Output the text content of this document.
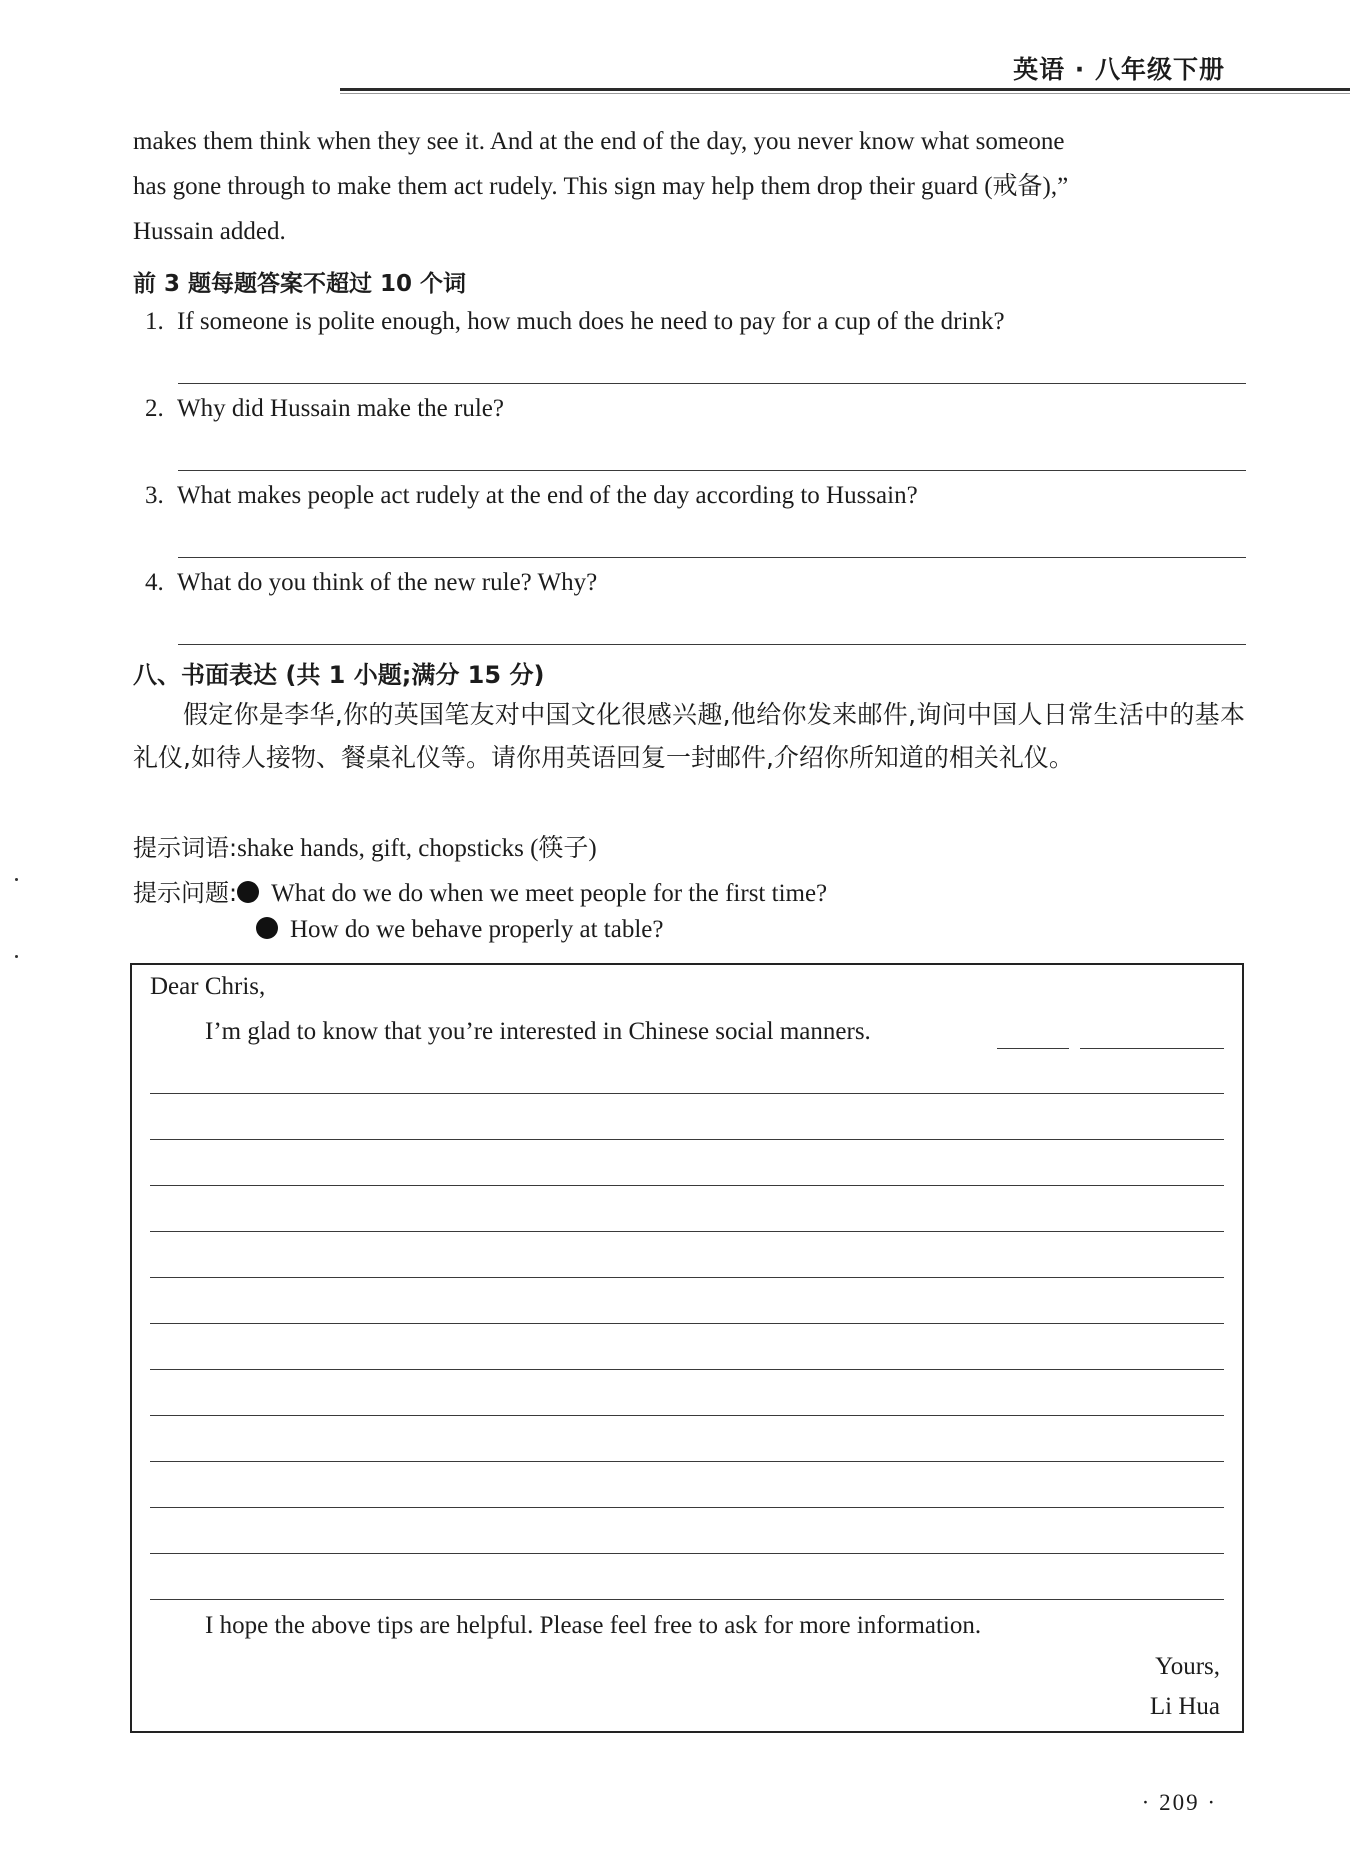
英语 · 八年级下册
makes them think when they see it. And at the end of the day, you never know what someone
has gone through to make them act rudely. This sign may help them drop their guard (戒备),”
Hussain added.
前 3 题每题答案不超过 10 个词
1. If someone is polite enough, how much does he need to pay for a cup of the drink?
2. Why did Hussain make the rule?
3. What makes people act rudely at the end of the day according to Hussain?
4. What do you think of the new rule? Why?
八、书面表达 (共 1 小题;满分 15 分)
假定你是李华,你的英国笔友对中国文化很感兴趣,他给你发来邮件,询问中国人日常生活中的基本礼仪,如待人接物、餐桌礼仪等。请你用英语回复一封邮件,介绍你所知道的相关礼仪。
提示词语:shake hands, gift, chopsticks (筷子)
提示问题: What do we do when we meet people for the first time?
How do we behave properly at table?
Dear Chris,
I’m glad to know that you’re interested in Chinese social manners.
I hope the above tips are helpful. Please feel free to ask for more information.
Yours,
Li Hua
· 209 ·
